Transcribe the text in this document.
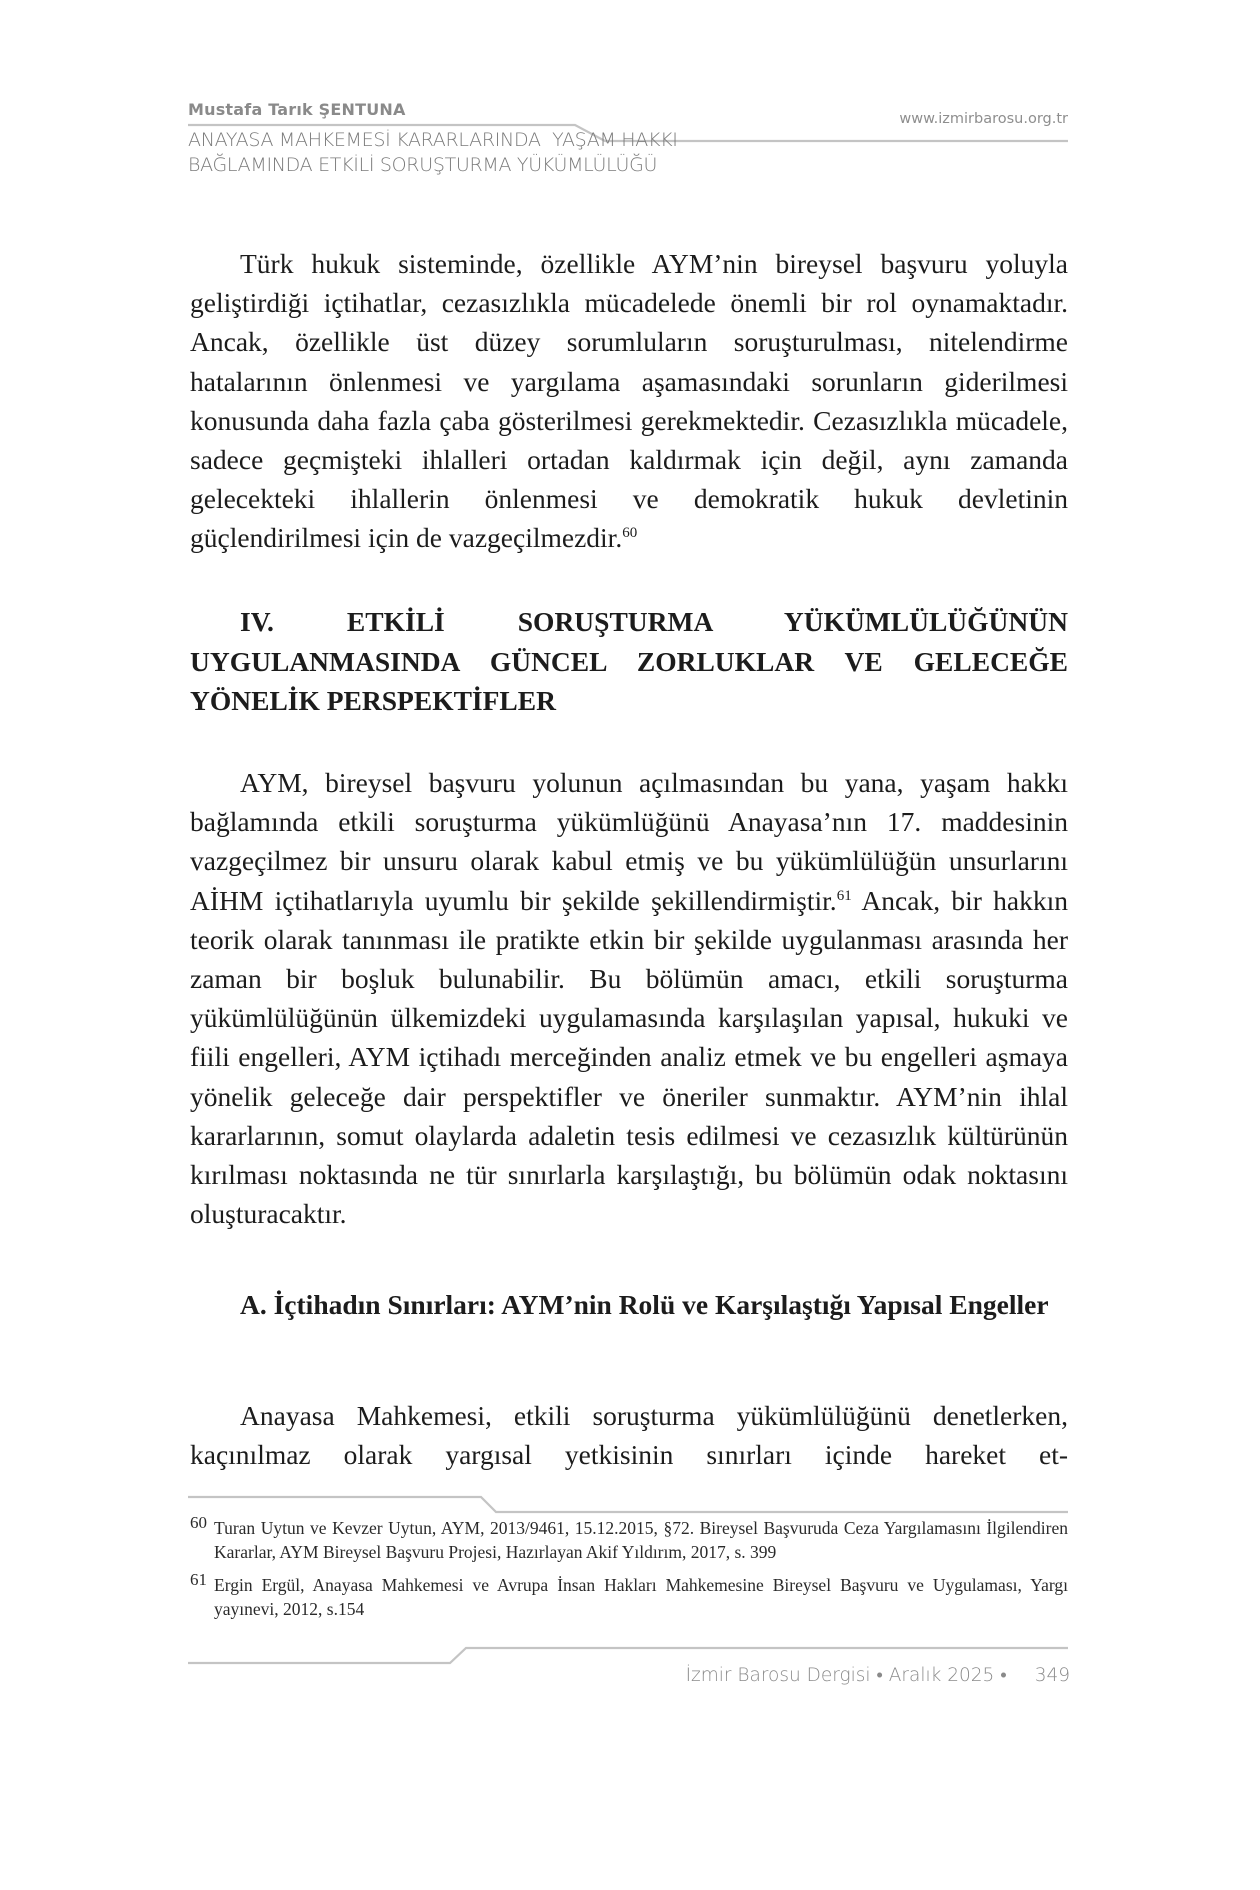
Mustafa Tarık ŞENTUNA
ANAYASA MAHKEMESİ KARARLARINDA  YAŞAM HAKKI
BAĞLAMINDA ETKİLİ SORUŞTURMA YÜKÜMLÜLÜĞÜ
www.izmirbarosu.org.tr

Türk hukuk sisteminde, özellikle AYM’nin bireysel başvuru yoluyla geliştirdiği içtihatlar, cezasızlıkla mücadelede önemli bir rol oynamaktadır. Ancak, özellikle üst düzey sorumluların soruşturulması, nitelendirme hatalarının önlenmesi ve yargılama aşamasındaki sorunların giderilmesi konusunda daha fazla çaba gösterilmesi gerekmektedir. Cezasızlıkla mücadele, sadece geçmişteki ihlalleri ortadan kaldırmak için değil, aynı zamanda gelecekteki ihlallerin önlenmesi ve demokratik hukuk devletinin güçlendirilmesi için de vazgeçilmezdir.$^{60}$

IV. ETKİLİ SORUŞTURMA YÜKÜMLÜLÜĞÜNÜN
UYGULANMASINDA GÜNCEL ZORLUKLAR VE GELECEĞE
YÖNELİK PERSPEKTİFLER

AYM, bireysel başvuru yolunun açılmasından bu yana, yaşam hakkı bağlamında etkili soruşturma yükümlüğünü Anayasa’nın 17. maddesinin vazgeçilmez bir unsuru olarak kabul etmiş ve bu yükümlülüğün unsurlarını AİHM içtihatlarıyla uyumlu bir şekilde şekillendirmiştir.$^{61}$ Ancak, bir hakkın teorik olarak tanınması ile pratikte etkin bir şekilde uygulanması arasında her zaman bir boşluk bulunabilir. Bu bölümün amacı, etkili soruşturma yükümlülüğünün ülkemizdeki uygulamasında karşılaşılan yapısal, hukuki ve fiili engelleri, AYM içtihadı merceğinden analiz etmek ve bu engelleri aşmaya yönelik geleceğe dair perspektifler ve öneriler sunmaktır. AYM’nin ihlal kararlarının, somut olaylarda adaletin tesis edilmesi ve cezasızlık kültürünün kırılması noktasında ne tür sınırlarla karşılaştığı, bu bölümün odak noktasını oluşturacaktır.

A. İçtihadın Sınırları: AYM’nin Rolü ve Karşılaştığı Yapısal Engeller

Anayasa Mahkemesi, etkili soruşturma yükümlülüğünü denetlerken, kaçınılmaz olarak yargısal yetkisinin sınırları içinde hareket et-

60 Turan Uytun ve Kevzer Uytun, AYM, 2013/9461, 15.12.2015, §72. Bireysel Başvuruda Ceza Yargılamasını İlgilendiren Kararlar, AYM Bireysel Başvuru Projesi, Hazırlayan Akif Yıldırım, 2017, s. 399
61 Ergin Ergül, Anayasa Mahkemesi ve Avrupa İnsan Hakları Mahkemesine Bireysel Başvuru ve Uygulaması, Yargı yayınevi, 2012, s.154
İzmir Barosu Dergisi • Aralık 2025 • 349
